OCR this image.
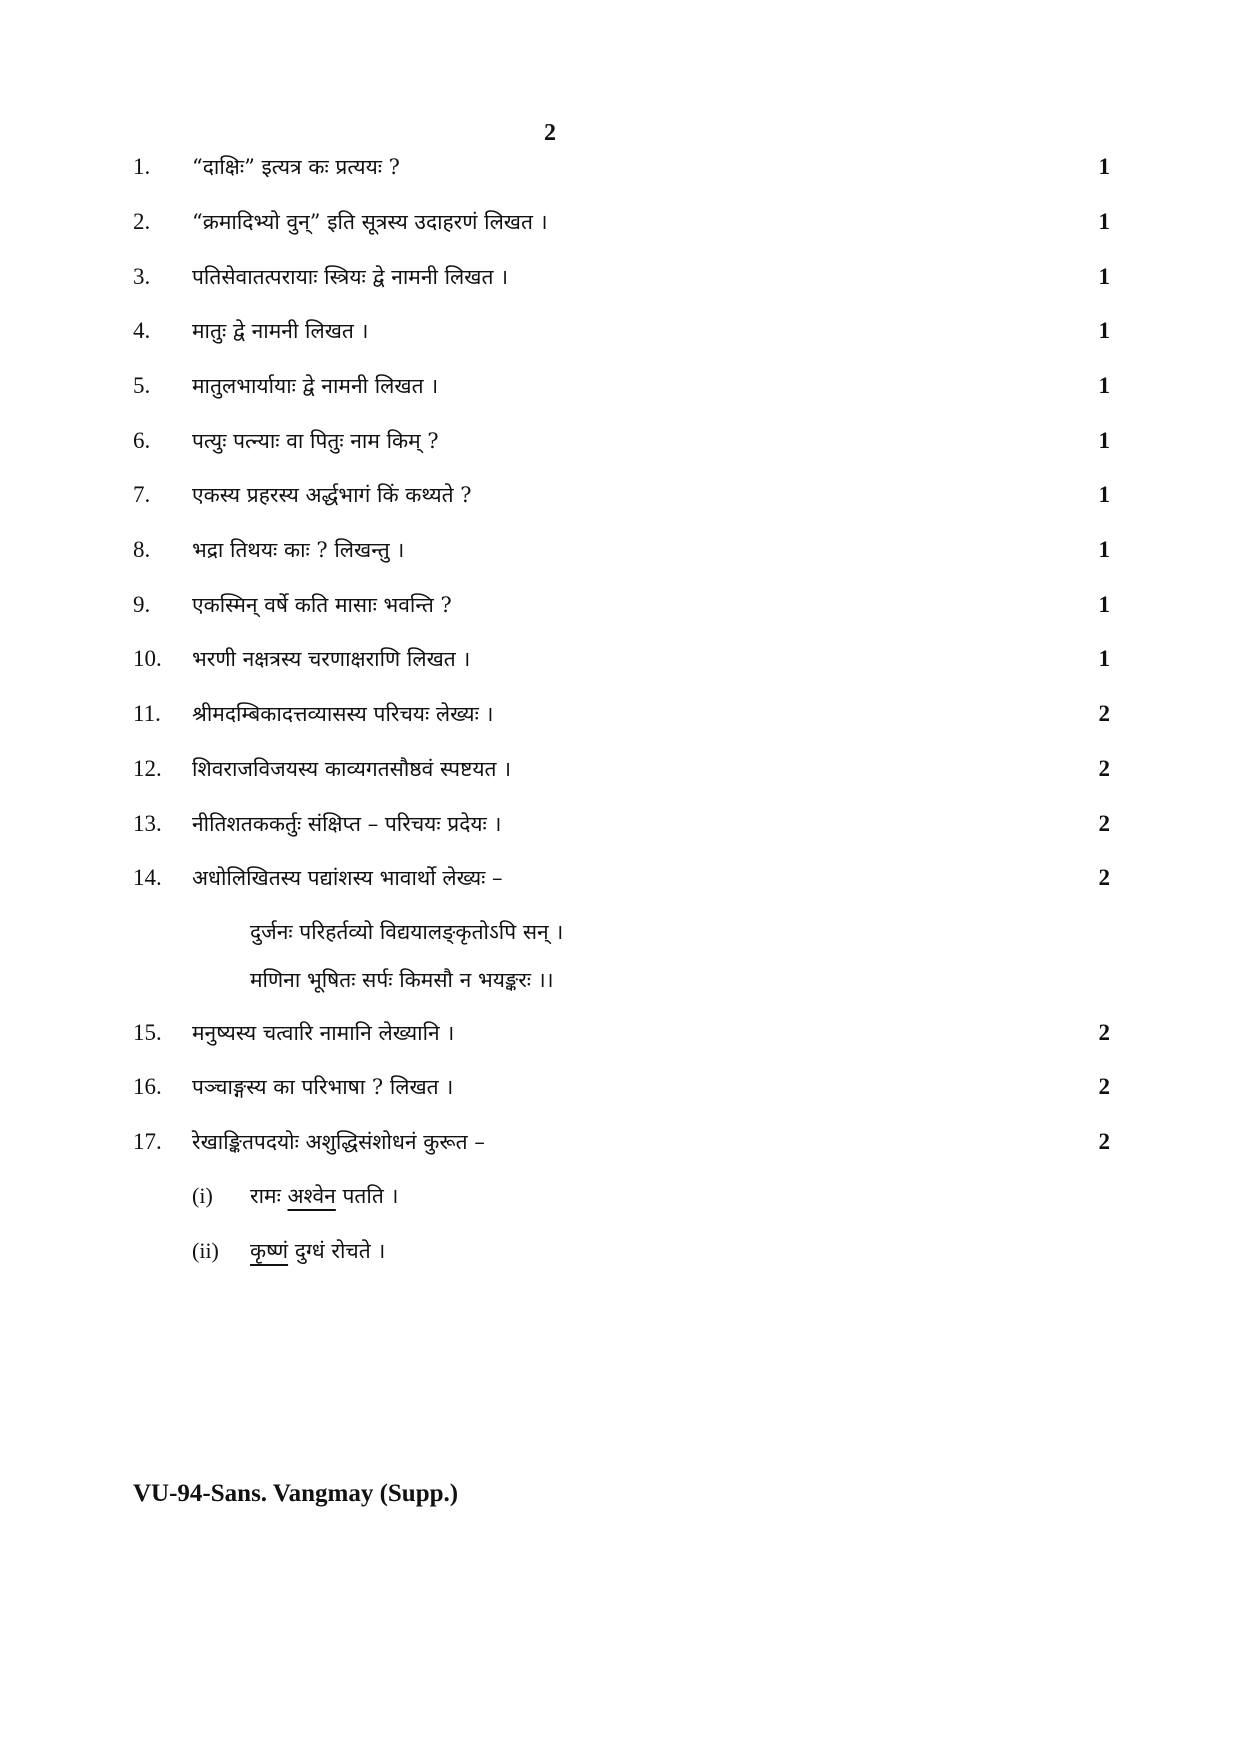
2
1. “दाक्षिः” इत्यत्र कः प्रत्ययः ?	1
2. “क्रमादिभ्यो वुन्” इति सूत्रस्य उदाहरणं लिखत ।	1
3. पतिसेवातत्परायाः स्त्रियः द्वे नामनी लिखत ।	1
4. मातुः द्वे नामनी लिखत ।	1
5. मातुलभार्यायाः द्वे नामनी लिखत ।	1
6. पत्युः पत्न्याः वा पितुः नाम किम् ?	1
7. एकस्य प्रहरस्य अर्द्धभागं किं कथ्यते ?	1
8. भद्रा तिथयः काः ? लिखन्तु ।	1
9. एकस्मिन् वर्षे कति मासाः भवन्ति ?	1
10. भरणी नक्षत्रस्य चरणाक्षराणि लिखत ।	1
11. श्रीमदम्बिकादत्तव्यासस्य परिचयः लेख्यः ।	2
12. शिवराजविजयस्य काव्यगतसौष्ठवं स्पष्टयत ।	2
13. नीतिशतककर्तुः संक्षिप्त – परिचयः प्रदेयः ।	2
14. अधोलिखितस्य पद्यांशस्य भावार्थो लेख्यः –	2
दुर्जनः परिहर्तव्यो विद्ययालङ्कृतोऽपि सन् ।
मणिना भूषितः सर्पः किमसौ न भयङ्करः ।।
15. मनुष्यस्य चत्वारि नामानि लेख्यानि ।	2
16. पञ्चाङ्गस्य का परिभाषा ? लिखत ।	2
17. रेखाङ्कितपदयोः अशुद्धिसंशोधनं कुरूत –	2
(i) रामः अश्वेन पतति ।
(ii) कृष्णं दुग्धं रोचते ।
VU-94-Sans. Vangmay (Supp.)
